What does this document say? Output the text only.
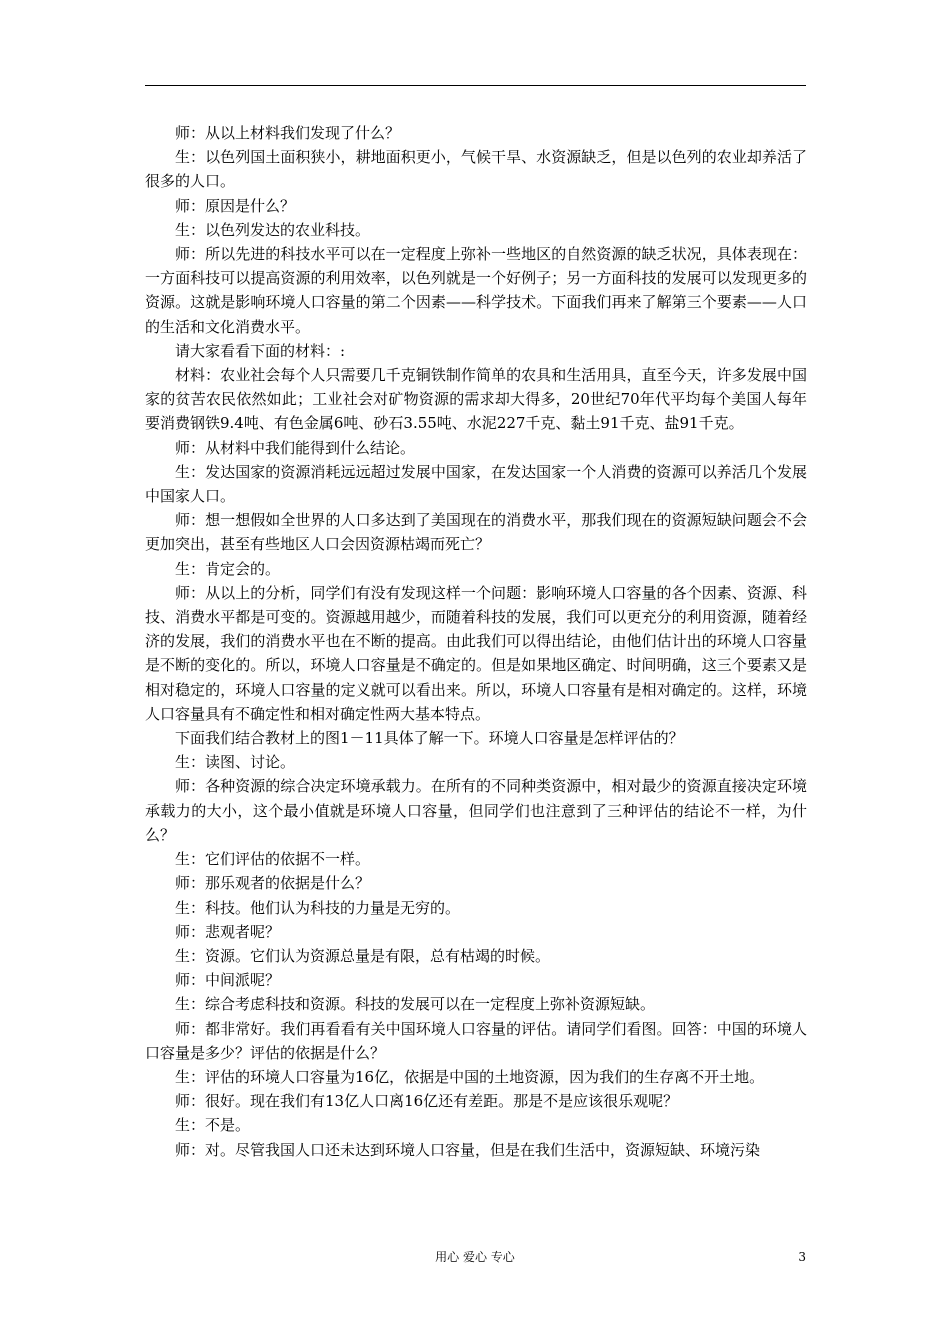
师：从以上材料我们发现了什么？

生：以色列国土面积狭小，耕地面积更小，气候干旱、水资源缺乏，但是以色列的农业却养活了很多的人口。

师：原因是什么？

生：以色列发达的农业科技。

师：所以先进的科技水平可以在一定程度上弥补一些地区的自然资源的缺乏状况，具体表现在：一方面科技可以提高资源的利用效率，以色列就是一个好例子；另一方面科技的发展可以发现更多的资源。这就是影响环境人口容量的第二个因素——科学技术。下面我们再来了解第三个要素——人口的生活和文化消费水平。

请大家看看下面的材料：:

材料：农业社会每个人只需要几千克铜铁制作简单的农具和生活用具，直至今天，许多发展中国家的贫苦农民依然如此；工业社会对矿物资源的需求却大得多，20世纪70年代平均每个美国人每年要消费钢铁9.4吨、有色金属6吨、砂石3.55吨、水泥227千克、黏土91千克、盐91千克。

师：从材料中我们能得到什么结论。

生：发达国家的资源消耗远远超过发展中国家，在发达国家一个人消费的资源可以养活几个发展中国家人口。

师：想一想假如全世界的人口多达到了美国现在的消费水平，那我们现在的资源短缺问题会不会更加突出，甚至有些地区人口会因资源枯竭而死亡？

生：肯定会的。

师：从以上的分析，同学们有没有发现这样一个问题：影响环境人口容量的各个因素、资源、科技、消费水平都是可变的。资源越用越少，而随着科技的发展，我们可以更充分的利用资源，随着经济的发展，我们的消费水平也在不断的提高。由此我们可以得出结论，由他们估计出的环境人口容量是不断的变化的。所以，环境人口容量是不确定的。但是如果地区确定、时间明确，这三个要素又是相对稳定的，环境人口容量的定义就可以看出来。所以，环境人口容量有是相对确定的。这样，环境人口容量具有不确定性和相对确定性两大基本特点。

下面我们结合教材上的图1－11具体了解一下。环境人口容量是怎样评估的？

生：读图、讨论。

师：各种资源的综合决定环境承载力。在所有的不同种类资源中，相对最少的资源直接决定环境承载力的大小，这个最小值就是环境人口容量，但同学们也注意到了三种评估的结论不一样，为什么？

生：它们评估的依据不一样。

师：那乐观者的依据是什么？

生：科技。他们认为科技的力量是无穷的。

师：悲观者呢？

生：资源。它们认为资源总量是有限，总有枯竭的时候。

师：中间派呢？

生：综合考虑科技和资源。科技的发展可以在一定程度上弥补资源短缺。

师：都非常好。我们再看看有关中国环境人口容量的评估。请同学们看图。回答：中国的环境人口容量是多少？评估的依据是什么？

生：评估的环境人口容量为16亿，依据是中国的土地资源，因为我们的生存离不开土地。

师：很好。现在我们有13亿人口离16亿还有差距。那是不是应该很乐观呢？

生：不是。

师：对。尽管我国人口还未达到环境人口容量，但是在我们生活中，资源短缺、环境污染

用心 爱心 专心	3
